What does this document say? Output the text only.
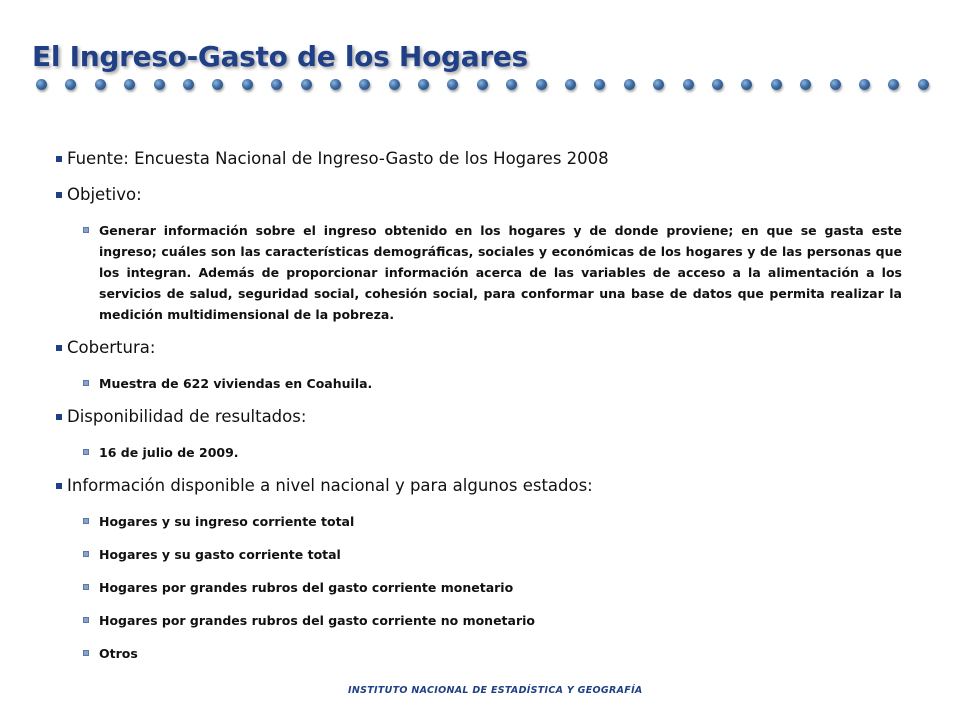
El Ingreso-Gasto de los Hogares
Fuente: Encuesta Nacional de Ingreso-Gasto de los Hogares 2008
Objetivo:
Generar información sobre el ingreso obtenido en los hogares y de donde proviene; en que se gasta este ingreso; cuáles son las características demográficas, sociales y económicas de los hogares y de las personas que los integran. Además de proporcionar información acerca de las variables de acceso a la alimentación a los servicios de salud, seguridad social, cohesión social, para conformar una base de datos que permita realizar la medición multidimensional de la pobreza.
Cobertura:
Muestra de 622 viviendas en Coahuila.
Disponibilidad de resultados:
16 de julio de 2009.
Información disponible a nivel nacional y para algunos estados:
Hogares y su ingreso corriente total
Hogares y su gasto corriente total
Hogares por grandes rubros del gasto corriente monetario
Hogares por grandes rubros del gasto corriente no monetario
Otros
INSTITUTO NACIONAL DE ESTADÍSTICA Y GEOGRAFÍA
